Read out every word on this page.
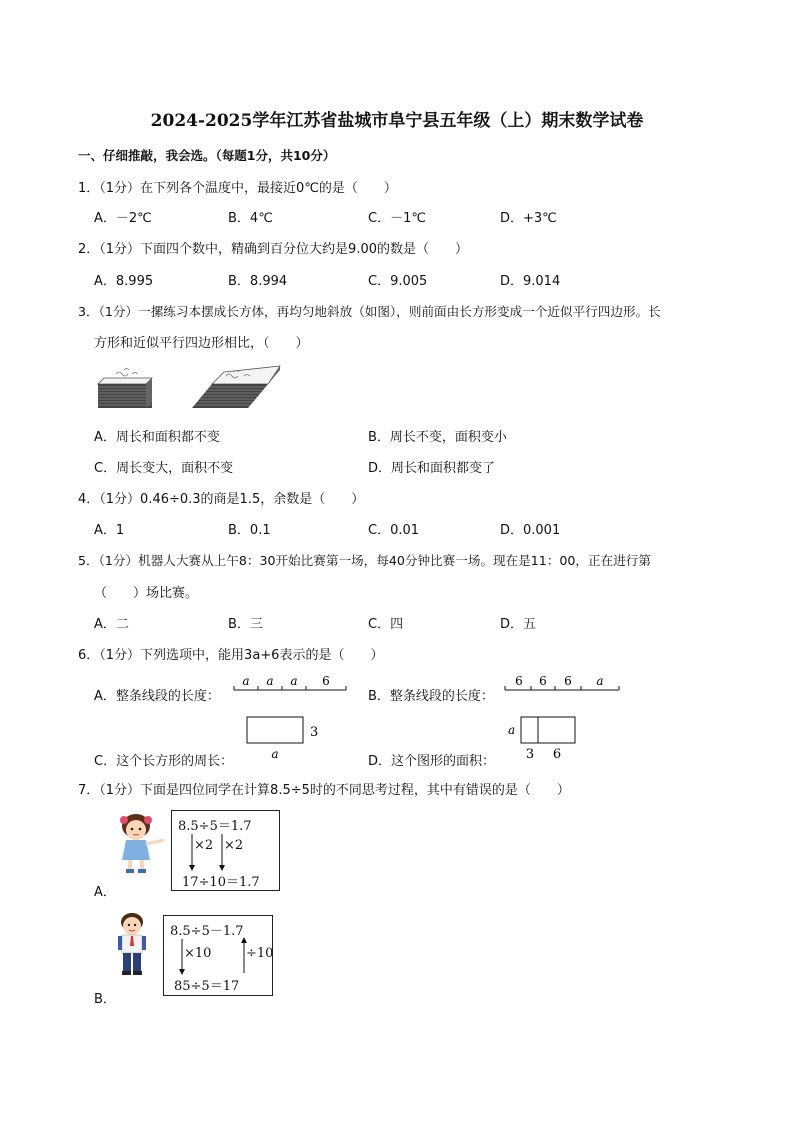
2024-2025学年江苏省盐城市阜宁县五年级（上）期末数学试卷
一、仔细推敲，我会选。（每题1分，共10分）
1．（1分）在下列各个温度中，最接近0℃的是（　　）
A．－2℃	B．4℃	C．－1℃	D．+3℃
2．（1分）下面四个数中，精确到百分位大约是9.00的数是（　　）
A．8.995	B．8.994	C．9.005	D．9.014
3．（1分）一摞练习本摆成长方体，再均匀地斜放（如图），则前面由长方形变成一个近似平行四边形。长
方形和近似平行四边形相比，（　　）
A．周长和面积都不变	B．周长不变，面积变小
C．周长变大，面积不变	D．周长和面积都变了
4．（1分）0.46÷0.3的商是1.5，余数是（　　）
A．1	B．0.1	C．0.01	D．0.001
5．（1分）机器人大赛从上午8：30开始比赛第一场，每40分钟比赛一场。现在是11：00，正在进行第
（　　）场比赛。
A．二	B．三	C．四	D．五
6．（1分）下列选项中，能用3a+6表示的是（　　）
A．整条线段的长度：
a a a 6
B．整条线段的长度：
6 6 6 a
C．这个长方形的周长：
3
a	D．这个图形的面积：
a
3 6
7．（1分）下面是四位同学在计算8.5÷5时的不同思考过程，其中有错误的是（　　）
8.5÷5＝1.7
×2 ×2
17÷10＝1.7
A．
8.5÷5－1.7
×10	÷10
85÷5＝17
B．
